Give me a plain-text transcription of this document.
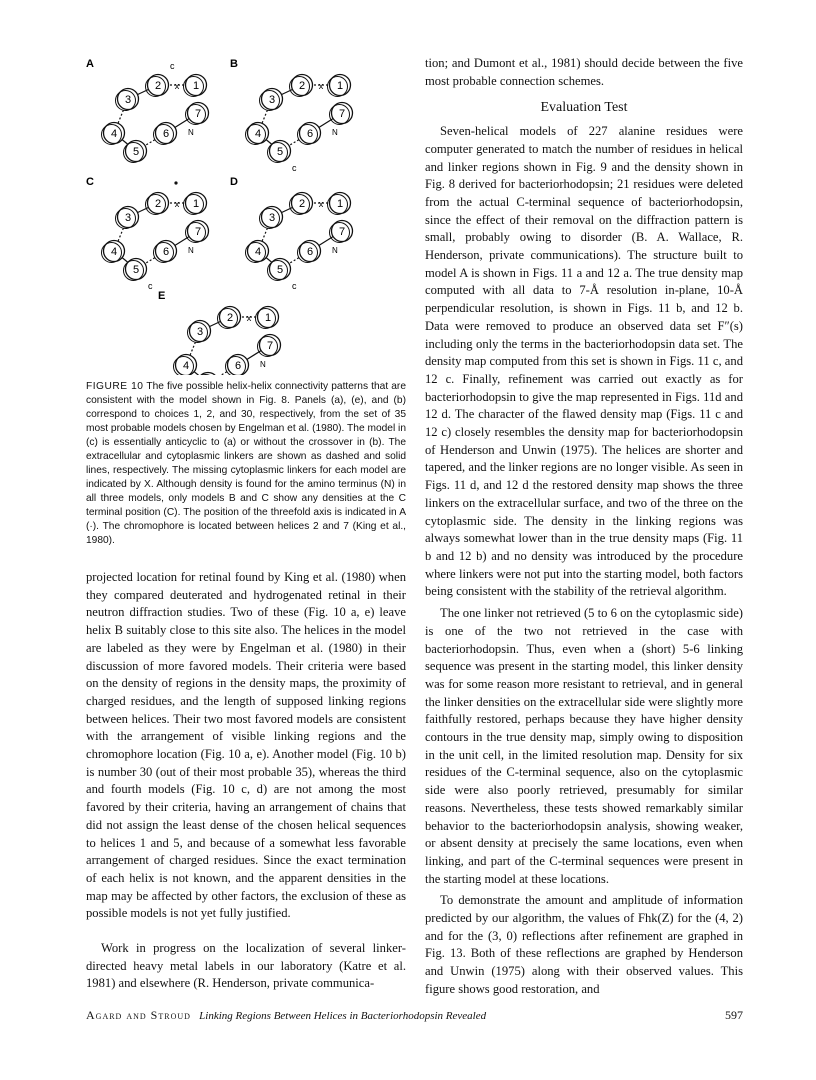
A
1
2
3
4
5
6
7
x
c
N
B
1
2
3
4
5
6
7
x
c
N
C
1
2
3
4
5
6
7
x
c
N
D
1
2
3
4
5
6
7
x
c
N
E
1
2
3
4	6
7
x
N
FIGURE 10 The five possible helix-helix connectivity patterns that are consistent with the model shown in Fig. 8. Panels (a), (e), and (b) correspond to choices 1, 2, and 30, respectively, from the set of 35 most probable models chosen by Engelman et al. (1980). The model in (c) is essentially anticyclic to (a) or without the crossover in (b). The extracellular and cytoplasmic linkers are shown as dashed and solid lines, respectively. The missing cytoplasmic linkers for each model are indicated by X. Although density is found for the amino terminus (N) in all three models, only models B and C show any densities at the C terminal position (C). The position of the threefold axis is indicated in A (·). The chromophore is located between helices 2 and 7 (King et al., 1980).

projected location for retinal found by King et al. (1980) when they compared deuterated and hydrogenated retinal in their neutron diffraction studies. Two of these (Fig. 10 a, e) leave helix B suitably close to this site also. The helices in the model are labeled as they were by Engelman et al. (1980) in their discussion of more favored models. Their criteria were based on the density of regions in the density maps, the proximity of charged residues, and the length of supposed linking regions between helices. Their two most favored models are consistent with the arrangement of visible linking regions and the chromophore location (Fig. 10 a, e). Another model (Fig. 10 b) is number 30 (out of their most probable 35), whereas the third and fourth models (Fig. 10 c, d) are not among the most favored by their criteria, having an arrangement of chains that did not assign the least dense of the chosen helical sequences to helices 1 and 5, and because of a somewhat less favorable arrangement of charged residues. Since the exact termination of each helix is not known, and the apparent densities in the map may be affected by other factors, the exclusion of these as possible models is not yet fully justified.

Work in progress on the localization of several linker-directed heavy metal labels in our laboratory (Katre et al. 1981) and elsewhere (R. Henderson, private communica-

tion; and Dumont et al., 1981) should decide between the five most probable connection schemes.

Evaluation Test

Seven-helical models of 227 alanine residues were computer generated to match the number of residues in helical and linker regions shown in Fig. 9 and the density shown in Fig. 8 derived for bacteriorhodopsin; 21 residues were deleted from the actual C-terminal sequence of bacteriorhodopsin, since the effect of their removal on the diffraction pattern is small, probably owing to disorder (B. A. Wallace, R. Henderson, private communications). The structure built to model A is shown in Figs. 11 a and 12 a. The true density map computed with all data to 7-Å resolution in-plane, 10-Å perpendicular resolution, is shown in Figs. 11 b, and 12 b. Data were removed to produce an observed data set F″(s) including only the terms in the bacteriorhodopsin data set. The density map computed from this set is shown in Figs. 11 c, and 12 c. Finally, refinement was carried out exactly as for bacteriorhodopsin to give the map represented in Figs. 11d and 12 d. The character of the flawed density map (Figs. 11 c and 12 c) closely resembles the density map for bacteriorhodopsin of Henderson and Unwin (1975). The helices are shorter and tapered, and the linker regions are no longer visible. As seen in Figs. 11 d, and 12 d the restored density map shows the three linkers on the extracellular surface, and two of the three on the cytoplasmic side. The density in the linking regions was always somewhat lower than in the true density maps (Fig. 11 b and 12 b) and no density was introduced by the procedure where linkers were not put into the starting model, both factors being consistent with the stability of the retrieval algorithm.

The one linker not retrieved (5 to 6 on the cytoplasmic side) is one of the two not retrieved in the case with bacteriorhodopsin. Thus, even when a (short) 5-6 linking sequence was present in the starting model, this linker density was for some reason more resistant to retrieval, and in general the linker densities on the extracellular side were slightly more faithfully restored, perhaps because they have higher density contours in the true density map, simply owing to disposition in the unit cell, in the limited resolution map. Density for six residues of the C-terminal sequence, also on the cytoplasmic side were also poorly retrieved, presumably for similar reasons. Nevertheless, these tests showed remarkably similar behavior to the bacteriorhodopsin analysis, showing weaker, or absent density at precisely the same locations, even when linking, and part of the C-terminal sequences were present in the starting model at these locations.

To demonstrate the amount and amplitude of information predicted by our algorithm, the values of Fhk(Z) for the (4, 2) and for the (3, 0) reflections after refinement are graphed in Fig. 13. Both of these reflections are graphed by Henderson and Unwin (1975) along with their observed values. This figure shows good restoration, and

Agard and Stroud Linking Regions Between Helices in Bacteriorhodopsin Revealed	597
